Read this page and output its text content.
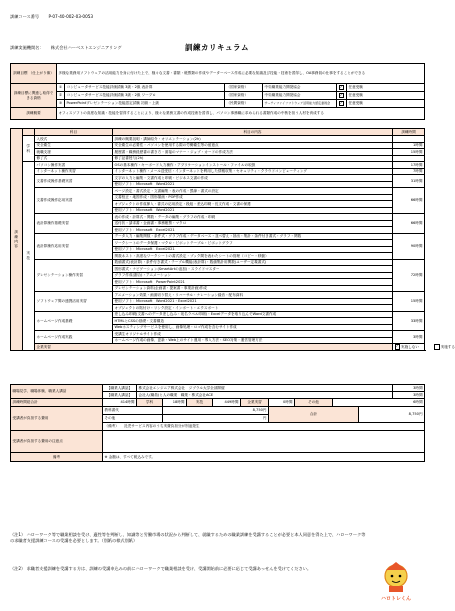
訓練コース番号 P-07-40-002-03-0053
訓練カリキュラム
訓練実施機関名： 株式会社ハーベストエンジニアリング
訓練目標 （仕上がり像）	多様な業務用ソフトウェアの活用能力を身に付けた上で、様々な文書・書類・帳票類の作成やデーターベース作成に必要な知識及び技能・技術を習得し、OA事務員の仕事をすることができる					
訓練目標に関連し取得できる資格	①	コンピュータサービス技能評価試験 3級・2級 表計算	（国家資格）	中央職業能力開発協会	✓	任意受験
	②	コンピュータサービス技能評価試験 3級・2級 ワープロ	（国家資格）	中央職業能力開発協会	✓	任意受験
	③	PowerPointプレゼンテーション技能認定試験 初級・上級	（民間資格）	サーティファイソフトウェア活用能力認定委員会	✓	任意受験
訓練概要	オフィスソフトの高度な知識・技能を習得することにより、様々な業務文書の作成技術を習得し、パソコン事務職に求められる書類作成の中核を担う人材を育成する					
訓練内容		科目	科目の内容	訓練時間
	学科	入校式	訓練の概要説明・講師紹介・オリエンテーション(2h)	
		安全衛生	安全衛生の必要性・パソコンを使用する際の労働衛生等の留意点	1時間
		就職支援	履歴書・職務経歴書の書き方・面接のマナー・ジョブ・カードの作成方法	15時間
		修了式	修了証書授与(2h)	
	実技	パソコン操作実習	OSの基本操作・キーボード入力操作・アプリケーションインストール・ファイルの取扱	17時間
		インターネット操作実習	インターネット操作・メール送受信・インターネットを利用した情報収集・セキュリティ・クラウドコンピューティング	7時間
		文書作成操作基礎実習	文字の入力と編集・文書作成と印刷・ビジネス文書の作成	31時間
			使用ソフト：Microsoft　Word2021	
		文書作成操作応用実習	ページ設定・書式設定・文書編集・表の作成・罫線・書式の設定	66時間
			文書校正・地図作成・図形描画・POP作成	
			オブジェクトの作成挿入・書式の応用設定・段組・差込印刷・長文作成・文書の保護	
			使用ソフト：Microsoft　Word2021	
		表計算操作基礎実習	表の作成・計算式・関数・データの編集・グラフの作成・印刷	66時間
			送付状・請求書・企画書・事務帳票・マクロ	
			使用ソフト：Microsoft　Excel2021	
		表計算操作応用実習	データ入力・編集関数・条件式・グラフ作成・データベース・並べ替え・抽出・集計・条件付き書式・グラフ・関数	90時間
			ワークシートのデータ保護・マクロ・ピボットテーブル・ピボットグラフ	
			使用ソフト：Microsoft　Excel2021	
			関数ネスト・高度なワークシートの書式設定・ブック間を表わたシートの管理（コピー・移動）	
		プレゼンテーション操作実習	数値書式(表計算)・条件付き書式・テーブル機能(表計算)・数値集計用関数(ユーザー定義書式)	72時間
			図形書式・ナビゲーション(SmartArtの追加)・スライドマスター	
			グラフ作成(割合)・アニメーション	
			使用ソフト：Microsoft　PowerPoint2021	
			プレゼンテーション資料(企画書・提案書・事業計画)作成	
		ソフトウェア間の連携活用実習	アニメーション効果・画面切り替え・リハーサル・ナレーション録音・配布資料	15時間
			使用ソフト：Microsoft　Word2021・Excel2021	
			オブジェクトの貼付け・リンク設定・インポート・エクスポート	
		ホームページ作成基礎	差し込み印刷(文書へのデータ差し込み・宛名ラベル印刷)・Excelデータを取り込んでWord文書作成	33時間
			HTMLとCSSの基礎・文書構造	
			Webホスティングサービスを使用し、画像処理・ロゴ作成を含むサイト作成	
		ホームページ作成実践	受講生オリジナルサイト作成	3時間
			ホームページ作成の画像、更新・Web上のサイト運用・導入方法・SEO対策・運営管理方法	
		企業実習		✓ 実施しない 実施する
職場見学、職場体験、職業人講話	【職業人講話】	株式会社エンジニア株式会社　ジブラル大学全部開催									3時間
	【職業人講話】	会社人(職員)と人の職業　職業・株式会社ACE									3時間
訓練時間総合計	414時間	学科	18時間	実技	449時間	企業実習	0時間	その他	6時間		
受講者が負担する費用	教科書代		8,750円				合計			8,750円	
	その他		円								
	（備考） 託児サービス内容のうち実費負担分が別途発生										
受講者が負担する費用の注意点											
備考	※ 金額は、すべて税込みです。										
（注1） ハローワーク等で職業相談を受け、適性等を判断し、知識等と労働市場の状況から判断して、就職するための職業訓練を受講することが必要と本人同意を得た上で、ハローワーク等の求職者支援訓練コースの受講を必要とします。（別紙の様式別紙）
（注2） 求職者支援訓練を受講する方は、訓練の受講申込みの前にハローワークで職業相談を受け、受講開始前に必要に応じて受講あっせんを受けてください。
ハロトレくん
